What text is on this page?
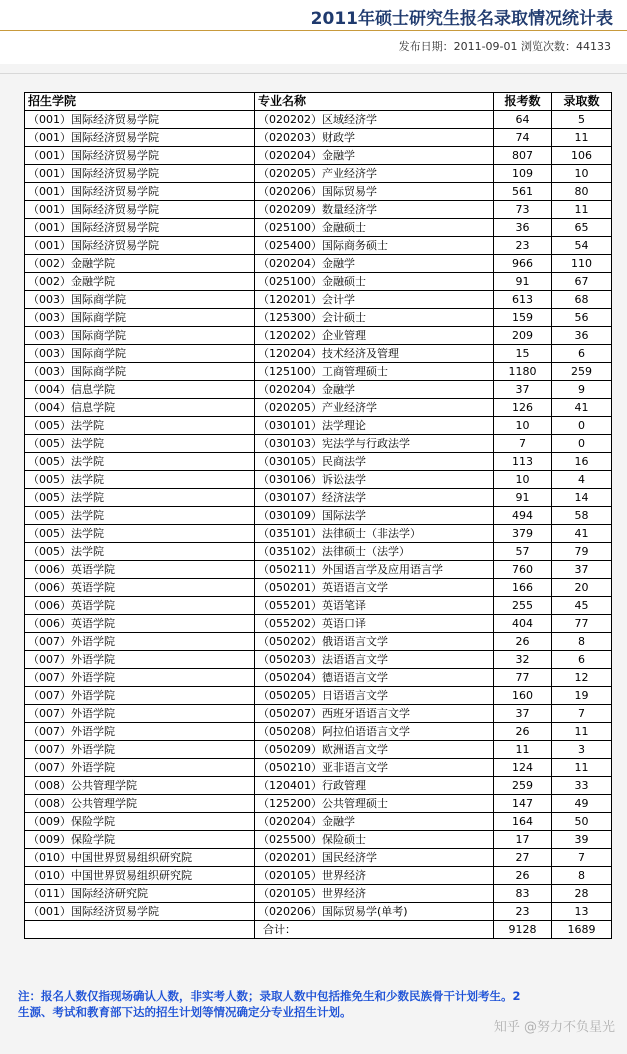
2011年硕士研究生报名录取情况统计表
发布日期：2011-09-01 浏览次数：44133
招生学院	专业名称	报考数	录取数
（001）国际经济贸易学院	（020202）区域经济学	64	5
（001）国际经济贸易学院	（020203）财政学	74	11
（001）国际经济贸易学院	（020204）金融学	807	106
（001）国际经济贸易学院	（020205）产业经济学	109	10
（001）国际经济贸易学院	（020206）国际贸易学	561	80
（001）国际经济贸易学院	（020209）数量经济学	73	11
（001）国际经济贸易学院	（025100）金融硕士	36	65
（001）国际经济贸易学院	（025400）国际商务硕士	23	54
（002）金融学院	（020204）金融学	966	110
（002）金融学院	（025100）金融硕士	91	67
（003）国际商学院	（120201）会计学	613	68
（003）国际商学院	（125300）会计硕士	159	56
（003）国际商学院	（120202）企业管理	209	36
（003）国际商学院	（120204）技术经济及管理	15	6
（003）国际商学院	（125100）工商管理硕士	1180	259
（004）信息学院	（020204）金融学	37	9
（004）信息学院	（020205）产业经济学	126	41
（005）法学院	（030101）法学理论	10	0
（005）法学院	（030103）宪法学与行政法学	7	0
（005）法学院	（030105）民商法学	113	16
（005）法学院	（030106）诉讼法学	10	4
（005）法学院	（030107）经济法学	91	14
（005）法学院	（030109）国际法学	494	58
（005）法学院	（035101）法律硕士（非法学）	379	41
（005）法学院	（035102）法律硕士（法学）	57	79
（006）英语学院	（050211）外国语言学及应用语言学	760	37
（006）英语学院	（050201）英语语言文学	166	20
（006）英语学院	（055201）英语笔译	255	45
（006）英语学院	（055202）英语口译	404	77
（007）外语学院	（050202）俄语语言文学	26	8
（007）外语学院	（050203）法语语言文学	32	6
（007）外语学院	（050204）德语语言文学	77	12
（007）外语学院	（050205）日语语言文学	160	19
（007）外语学院	（050207）西班牙语语言文学	37	7
（007）外语学院	（050208）阿拉伯语语言文学	26	11
（007）外语学院	（050209）欧洲语言文学	11	3
（007）外语学院	（050210）亚非语言文学	124	11
（008）公共管理学院	（120401）行政管理	259	33
（008）公共管理学院	（125200）公共管理硕士	147	49
（009）保险学院	（020204）金融学	164	50
（009）保险学院	（025500）保险硕士	17	39
（010）中国世界贸易组织研究院	（020201）国民经济学	27	7
（010）中国世界贸易组织研究院	（020105）世界经济	26	8
（011）国际经济研究院	（020105）世界经济	83	28
（001）国际经济贸易学院	（020206）国际贸易学(单考)	23	13
	合计：	9128	1689
注：报名人数仅指现场确认人数，非实考人数；录取人数中包括推免生和少数民族骨干计划考生。2
生源、考试和教育部下达的招生计划等情况确定分专业招生计划。
知乎 @努力不负星光
